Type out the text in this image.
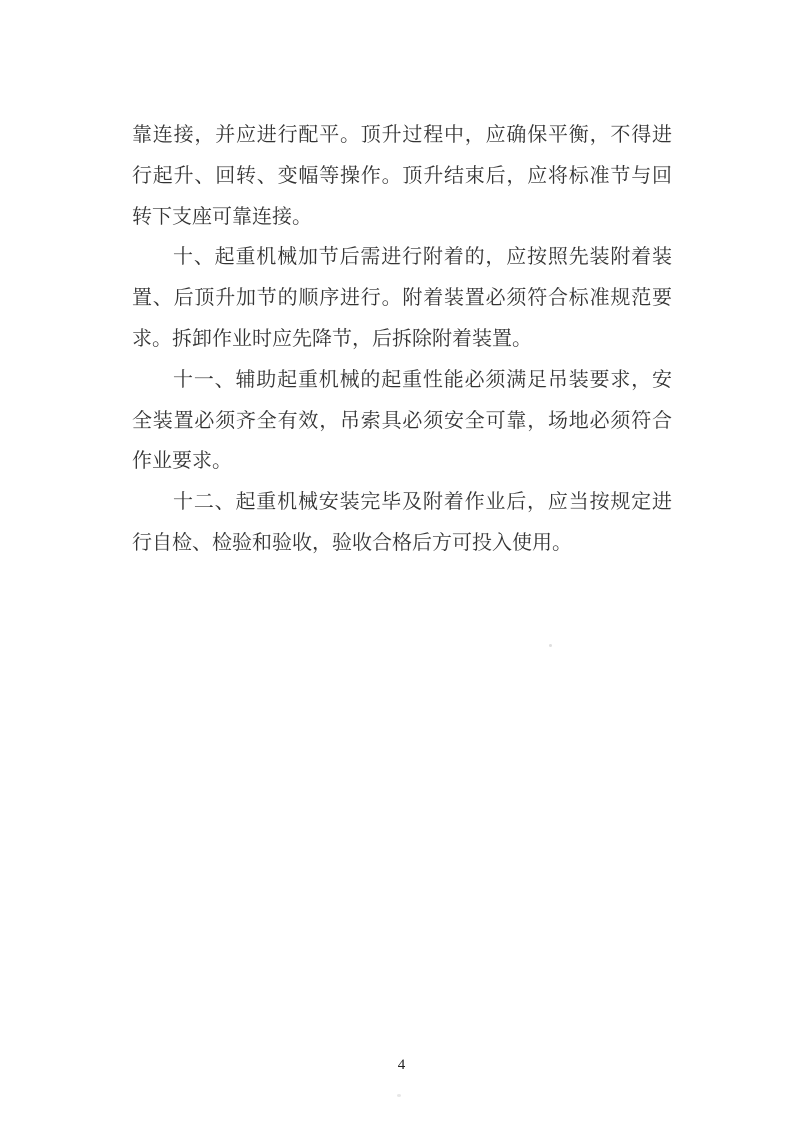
靠连接，并应进行配平。顶升过程中，应确保平衡，不得进
行起升、回转、变幅等操作。顶升结束后，应将标准节与回
转下支座可靠连接。
十、起重机械加节后需进行附着的，应按照先装附着装
置、后顶升加节的顺序进行。附着装置必须符合标准规范要
求。拆卸作业时应先降节，后拆除附着装置。
十一、辅助起重机械的起重性能必须满足吊装要求，安
全装置必须齐全有效，吊索具必须安全可靠，场地必须符合
作业要求。
十二、起重机械安装完毕及附着作业后，应当按规定进
行自检、检验和验收，验收合格后方可投入使用。
4
